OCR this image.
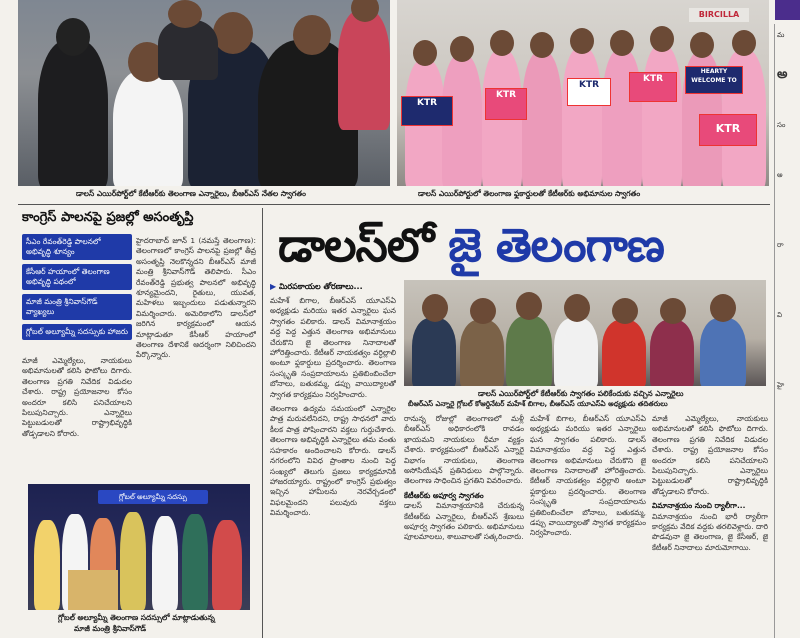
డాలస్ ఎయిర్‌పోర్ట్‌లో కేటీఆర్‌కు తెలంగాణ ఎన్నారైలు, బీఆర్ఎస్ నేతల స్వాగతం
BIRCILLA
KTR
KTR
KTR
KTR
HEARTY WELCOME TO
KTR
డాలస్ ఎయిర్‌పోర్టులో తెలంగాణ ఫ్లకార్డులతో కేటీఆర్‌కు అభిమానుల స్వాగతం
మ
అ
సం
అ
రా
వి
హై
కాంగ్రెస్ పాలనపై ప్రజల్లో అసంతృప్తి
సీఎం రేవంత్‌రెడ్డి పాలనలో అభివృద్ధి శూన్యం
కేసీఆర్ హయాంలో తెలంగాణ అభివృద్ధి పథంలో
మాజీ మంత్రి శ్రీనివాస్‌గౌడ్ వ్యాఖ్యలు
గ్లోబల్ అల్యూమ్నీ సదస్సుకు హాజరు

హైదరాబాద్ జూన్ 1 (నమస్తే తెలంగాణ): తెలంగాణలో కాంగ్రెస్ పాలనపై ప్రజల్లో తీవ్ర అసంతృప్తి నెలకొన్నదని బీఆర్ఎస్ మాజీ మంత్రి శ్రీనివాస్‌గౌడ్ తెలిపారు. సీఎం రేవంత్‌రెడ్డి ప్రభుత్వ పాలనలో అభివృద్ధి శూన్యమైందని, రైతులు, యువత, మహిళలు ఇబ్బందులు పడుతున్నారని విమర్శించారు. అమెరికాలోని డాలస్‌లో జరిగిన కార్యక్రమంలో ఆయన మాట్లాడుతూ కేసీఆర్ హయాంలో తెలంగాణ దేశానికే ఆదర్శంగా నిలిచిందని పేర్కొన్నారు.

మాజీ ఎమ్మెల్యేలు, నాయకులు అభిమానులతో కలిసి ఫొటోలు దిగారు. తెలంగాణ ప్రగతి నివేదిక విడుదల చేశారు. రాష్ట్ర ప్రయోజనాల కోసం అందరూ కలిసి పనిచేయాలని పిలుపునిచ్చారు. ఎన్నారైలు పెట్టుబడులతో రాష్ట్రాభివృద్ధికి తోడ్పడాలని కోరారు.

గ్లోబల్ అల్యూమ్నీ సదస్సు
గ్లోబల్ అల్యూమ్నీ తెలంగాణ సదస్సులో మాట్లాడుతున్న
మాజీ మంత్రి శ్రీనివాస్‌గౌడ్
డాలస్‌లో జై తెలంగాణ
▶ మిరపకాయల తోరణాలు...

మహేశ్ బిగాల, బీఆర్ఎస్ యూఎస్ఏ అధ్యక్షుడు మరియు ఇతర ఎన్నారైలు ఘన స్వాగతం పలికారు. డాలస్ విమానాశ్రయం వద్ద పెద్ద ఎత్తున తెలంగాణ అభిమానులు చేరుకొని జై తెలంగాణ నినాదాలతో హోరెత్తించారు. కేటీఆర్ నాయకత్వం వర్ధిల్లాలి అంటూ ఫ్లకార్డులు ప్రదర్శించారు. తెలంగాణ సంస్కృతి సంప్రదాయాలను ప్రతిబింబించేలా బోనాలు, బతుకమ్మ, డప్పు వాయిద్యాలతో స్వాగత కార్యక్రమం నిర్వహించారు.

తెలంగాణ ఉద్యమ సమయంలో ఎన్నారైల పాత్ర మరువలేనిదని, రాష్ట్ర సాధనలో వారు కీలక పాత్ర పోషించారని వక్తలు గుర్తుచేశారు. తెలంగాణ అభివృద్ధికి ఎన్నారైలు తమ వంతు సహకారం అందించాలని కోరారు. డాలస్ నగరంలోని వివిధ ప్రాంతాల నుంచి పెద్ద సంఖ్యలో తెలుగు ప్రజలు కార్యక్రమానికి హాజరయ్యారు. రాష్ట్రంలో కాంగ్రెస్ ప్రభుత్వం ఇచ్చిన హామీలను నెరవేర్చడంలో విఫలమైందని పలువురు వక్తలు విమర్శించారు.

డాలస్ ఎయిర్‌పోర్ట్‌లో కేటీఆర్‌కు స్వాగతం పలికేందుకు వచ్చిన ఎన్నారైలు
బీఆర్ఎస్ ఎన్నారై గ్లోబల్ కోఆర్డినేటర్ మహేశ్ బిగాల, బీఆర్ఎస్ యూఎస్ఏ అధ్యక్షుడు తదితరులు

రానున్న రోజుల్లో తెలంగాణలో మళ్లీ బీఆర్ఎస్ అధికారంలోకి రావడం ఖాయమని నాయకులు ధీమా వ్యక్తం చేశారు. కార్యక్రమంలో బీఆర్ఎస్ ఎన్నారై విభాగం నాయకులు, తెలంగాణ అసోసియేషన్ ప్రతినిధులు పాల్గొన్నారు. తెలంగాణ సాధించిన ప్రగతిని వివరించారు.

కేటీఆర్‌కు అపూర్వ స్వాగతం

డాలస్ విమానాశ్రయానికి చేరుకున్న కేటీఆర్‌కు ఎన్నారైలు, బీఆర్ఎస్ శ్రేణులు అపూర్వ స్వాగతం పలికారు. అభిమానులు పూలమాలలు, శాలువాలతో సత్కరించారు.

మహేశ్ బిగాల, బీఆర్ఎస్ యూఎస్ఏ అధ్యక్షుడు మరియు ఇతర ఎన్నారైలు ఘన స్వాగతం పలికారు. డాలస్ విమానాశ్రయం వద్ద పెద్ద ఎత్తున తెలంగాణ అభిమానులు చేరుకొని జై తెలంగాణ నినాదాలతో హోరెత్తించారు. కేటీఆర్ నాయకత్వం వర్ధిల్లాలి అంటూ ఫ్లకార్డులు ప్రదర్శించారు. తెలంగాణ సంస్కృతి సంప్రదాయాలను ప్రతిబింబించేలా బోనాలు, బతుకమ్మ, డప్పు వాయిద్యాలతో స్వాగత కార్యక్రమం నిర్వహించారు.

మాజీ ఎమ్మెల్యేలు, నాయకులు అభిమానులతో కలిసి ఫొటోలు దిగారు. తెలంగాణ ప్రగతి నివేదిక విడుదల చేశారు. రాష్ట్ర ప్రయోజనాల కోసం అందరూ కలిసి పనిచేయాలని పిలుపునిచ్చారు. ఎన్నారైలు పెట్టుబడులతో రాష్ట్రాభివృద్ధికి తోడ్పడాలని కోరారు.

విమానాశ్రయం నుంచి ర్యాలీగా...

విమానాశ్రయం నుంచి భారీ ర్యాలీగా కార్యక్రమ వేదిక వద్దకు తరలివెళ్లారు. దారి పొడవునా జై తెలంగాణ, జై కేసీఆర్, జై కేటీఆర్ నినాదాలు మారుమోగాయి.
